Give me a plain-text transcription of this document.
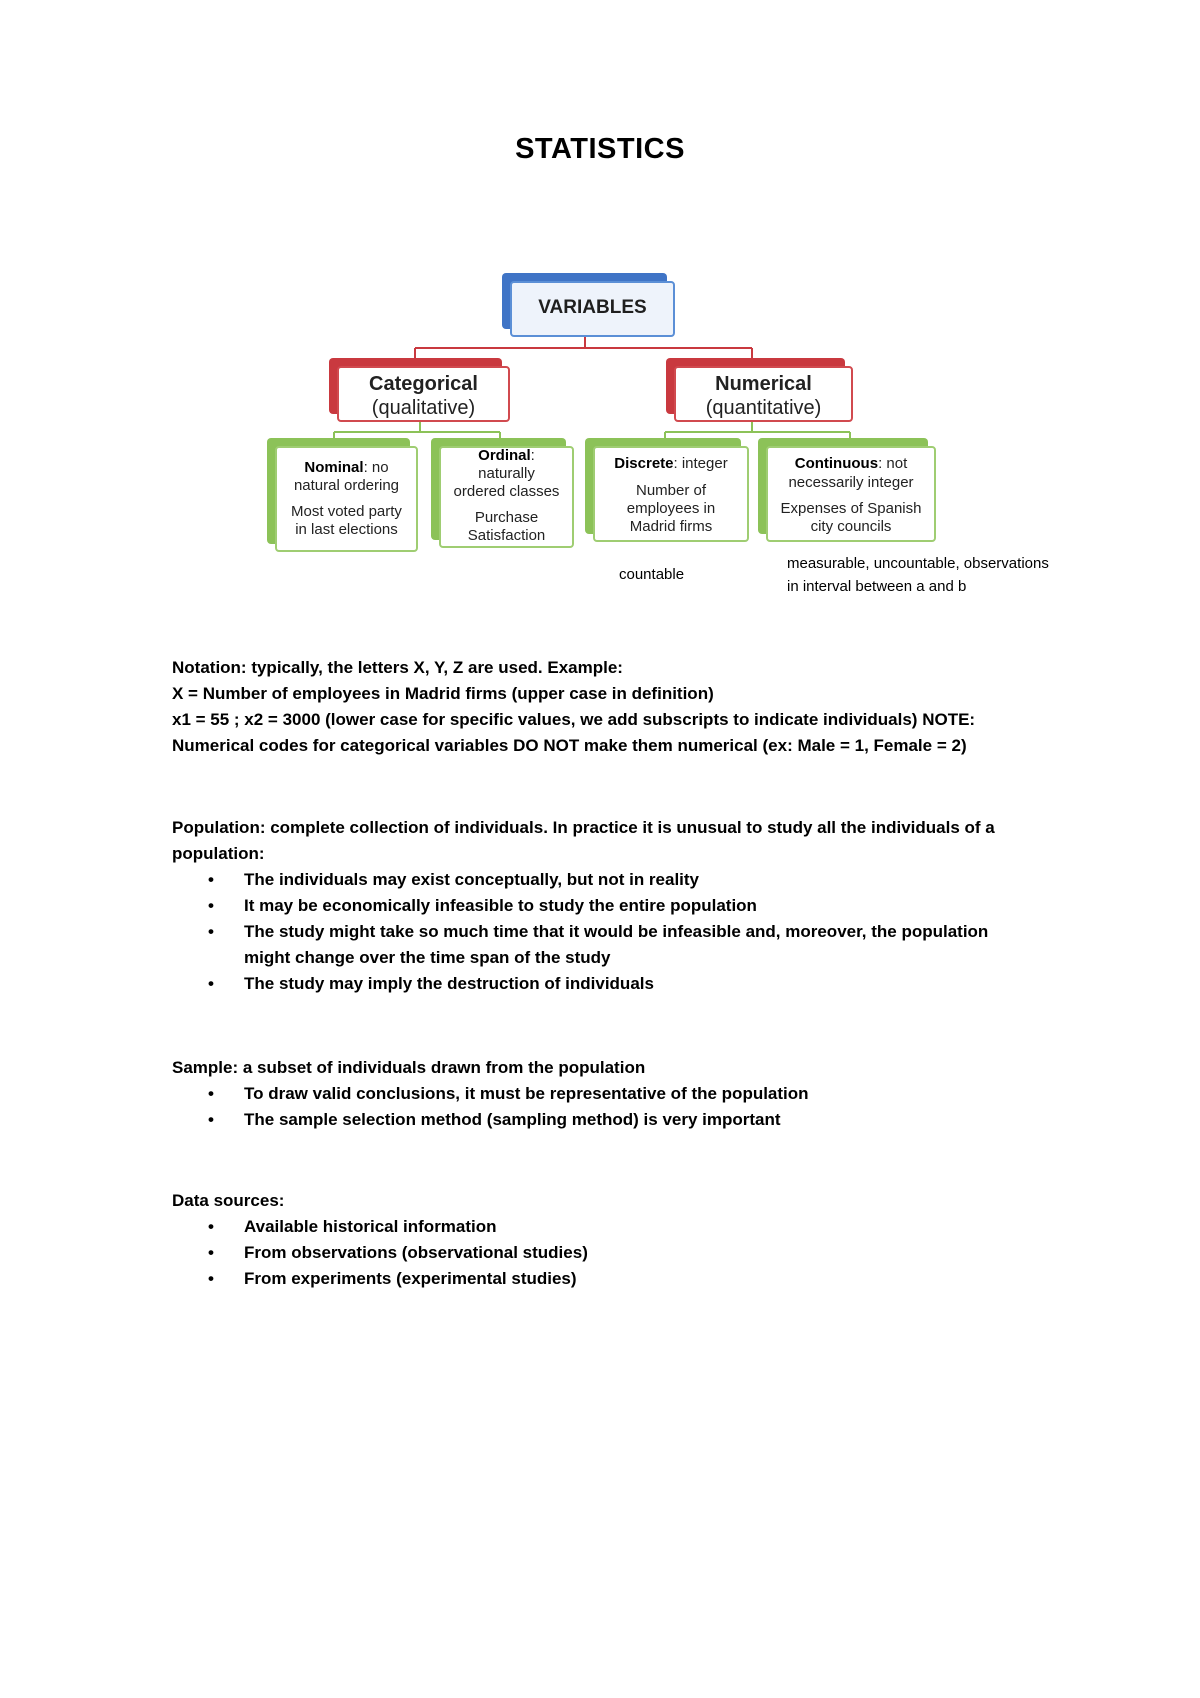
STATISTICS
VARIABLES
Categorical
(qualitative)
Numerical
(quantitative)
Nominal: no
natural ordering
Most voted party
in last elections
Ordinal:
naturally
ordered classes
Purchase
Satisfaction
Discrete: integer
Number of
employees in
Madrid firms
Continuous: not
necessarily integer
Expenses of Spanish
city councils
countable
measurable, uncountable, observations
in interval between a and b
Notation: typically, the letters X, Y, Z are used. Example:
X = Number of employees in Madrid firms (upper case in definition)
x1 = 55 ; x2 = 3000 (lower case for specific values, we add subscripts to indicate individuals) NOTE:
Numerical codes for categorical variables DO NOT make them numerical (ex: Male = 1, Female = 2)
Population: complete collection of individuals. In practice it is unusual to study all the individuals of a
population:
•	The individuals may exist conceptually, but not in reality
•	It may be economically infeasible to study the entire population
•	The study might take so much time that it would be infeasible and, moreover, the population
might change over the time span of the study
•	The study may imply the destruction of individuals
Sample: a subset of individuals drawn from the population
•	To draw valid conclusions, it must be representative of the population
•	The sample selection method (sampling method) is very important
Data sources:
•	Available historical information
•	From observations (observational studies)
•	From experiments (experimental studies)
